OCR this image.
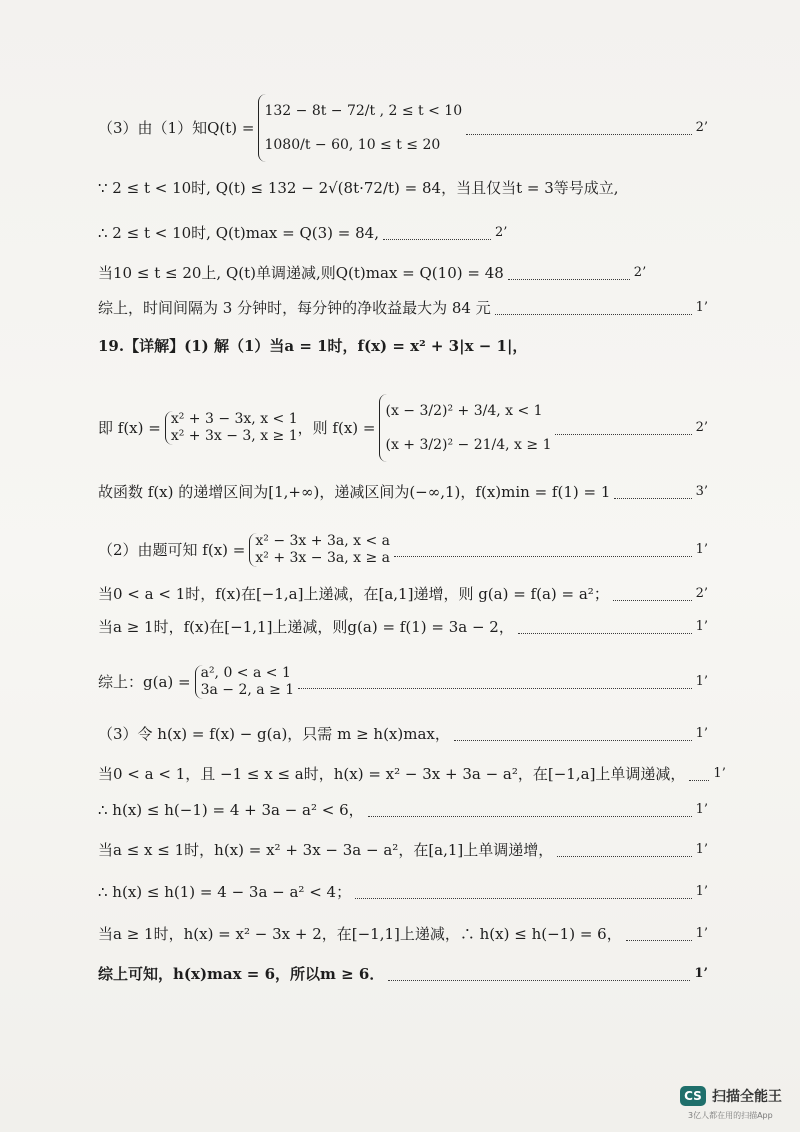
（3）由（1）知Q(t) =
132 − 8t − 72/t , 2 ≤ t < 10
1080/t − 60, 10 ≤ t ≤ 20
2’
∵ 2 ≤ t < 10时, Q(t) ≤ 132 − 2√(8t·72/t) = 84，当且仅当t = 3等号成立,
∴ 2 ≤ t < 10时, Q(t)max = Q(3) = 84,	2’
当10 ≤ t ≤ 20上, Q(t)单调递减,则Q(t)max = Q(10) = 48	2’
综上，时间间隔为 3 分钟时，每分钟的净收益最大为 84 元	1’
19.【详解】(1) 解（1）当a = 1时，f(x) = x² + 3|x − 1|，
即 f(x) = x² + 3 − 3x, x < 1
x² + 3x − 3, x ≥ 1 ，则 f(x) =
(x − 3/2)² + 3/4, x < 1
(x + 3/2)² − 21/4, x ≥ 1
2’
故函数 f(x) 的递增区间为[1,+∞)，递减区间为(−∞,1)，f(x)min = f(1) = 1	3’
（2）由题可知 f(x) = x² − 3x + 3a, x < a
x² + 3x − 3a, x ≥ a
1’
当0 < a < 1时，f(x)在[−1,a]上递减，在[a,1]递增，则 g(a) = f(a) = a²；	2’
当a ≥ 1时，f(x)在[−1,1]上递减，则g(a) = f(1) = 3a − 2，	1’
综上：g(a) = a², 0 < a < 1
3a − 2, a ≥ 1
1’
（3）令 h(x) = f(x) − g(a)，只需 m ≥ h(x)max，	1’
当0 < a < 1，且 −1 ≤ x ≤ a时，h(x) = x² − 3x + 3a − a²，在[−1,a]上单调递减， 1’
∴ h(x) ≤ h(−1) = 4 + 3a − a² < 6，	1’
当a ≤ x ≤ 1时，h(x) = x² + 3x − 3a − a²，在[a,1]上单调递增，	1’
∴ h(x) ≤ h(1) = 4 − 3a − a² < 4；	1’
当a ≥ 1时，h(x) = x² − 3x + 2，在[−1,1]上递减，∴ h(x) ≤ h(−1) = 6，	1’
综上可知，h(x)max = 6，所以m ≥ 6．	1’
CS 扫描全能王
3亿人都在用的扫描App
